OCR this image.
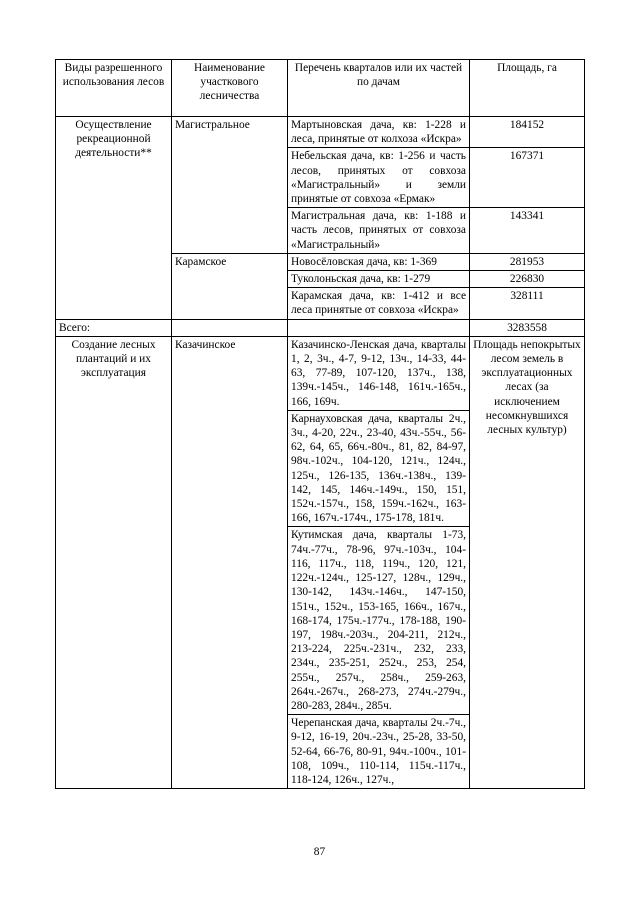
Виды разрешенного использования лесов	Наименование участкового лесничества	Перечень кварталов или их частей по дачам	Площадь, га
Осуществление рекреационной деятельности**	Магистральное	Мартыновская дача, кв: 1-228 и леса, принятые от колхоза «Искра»	184152
		Небельская дача, кв: 1-256 и часть лесов, принятых от совхоза «Магистральный» и земли принятые от совхоза «Ермак»	167371
		Магистральная дача, кв: 1-188 и часть лесов, принятых от совхоза «Магистральный»	143341
	Карамское	Новосёловская дача, кв: 1-369	281953
		Туколоньская дача, кв: 1-279	226830
		Карамская дача, кв: 1-412 и все леса принятые от совхоза «Искра»	328111
Всего:			3283558
Создание лесных плантаций и их эксплуатация	Казачинское	Казачинско-Ленская дача, кварталы 1, 2, 3ч., 4-7, 9-12, 13ч., 14-33, 44-63, 77-89, 107-120, 137ч., 138, 139ч.-145ч., 146-148, 161ч.-165ч., 166, 169ч.	Площадь непокрытых лесом земель в эксплуатационных лесах (за исключением несомкнувшихся лесных культур)
		Карнауховская дача, кварталы 2ч., 3ч., 4-20, 22ч., 23-40, 43ч.-55ч., 56-62, 64, 65, 66ч.-80ч., 81, 82, 84-97, 98ч.-102ч., 104-120, 121ч., 124ч., 125ч., 126-135, 136ч.-138ч., 139-142, 145, 146ч.-149ч., 150, 151, 152ч.-157ч., 158, 159ч.-162ч., 163-166, 167ч.-174ч., 175-178, 181ч.	
		Кутимская дача, кварталы 1-73, 74ч.-77ч., 78-96, 97ч.-103ч., 104-116, 117ч., 118, 119ч., 120, 121, 122ч.-124ч., 125-127, 128ч., 129ч., 130-142, 143ч.-146ч., 147-150, 151ч., 152ч., 153-165, 166ч., 167ч., 168-174, 175ч.-177ч., 178-188, 190-197, 198ч.-203ч., 204-211, 212ч., 213-224, 225ч.-231ч., 232, 233, 234ч., 235-251, 252ч., 253, 254, 255ч., 257ч., 258ч., 259-263, 264ч.-267ч., 268-273, 274ч.-279ч., 280-283, 284ч., 285ч.	
		Черепанская дача, кварталы 2ч.-7ч., 9-12, 16-19, 20ч.-23ч., 25-28, 33-50, 52-64, 66-76, 80-91, 94ч.-100ч., 101-108, 109ч., 110-114, 115ч.-117ч., 118-124, 126ч., 127ч.,	
87
